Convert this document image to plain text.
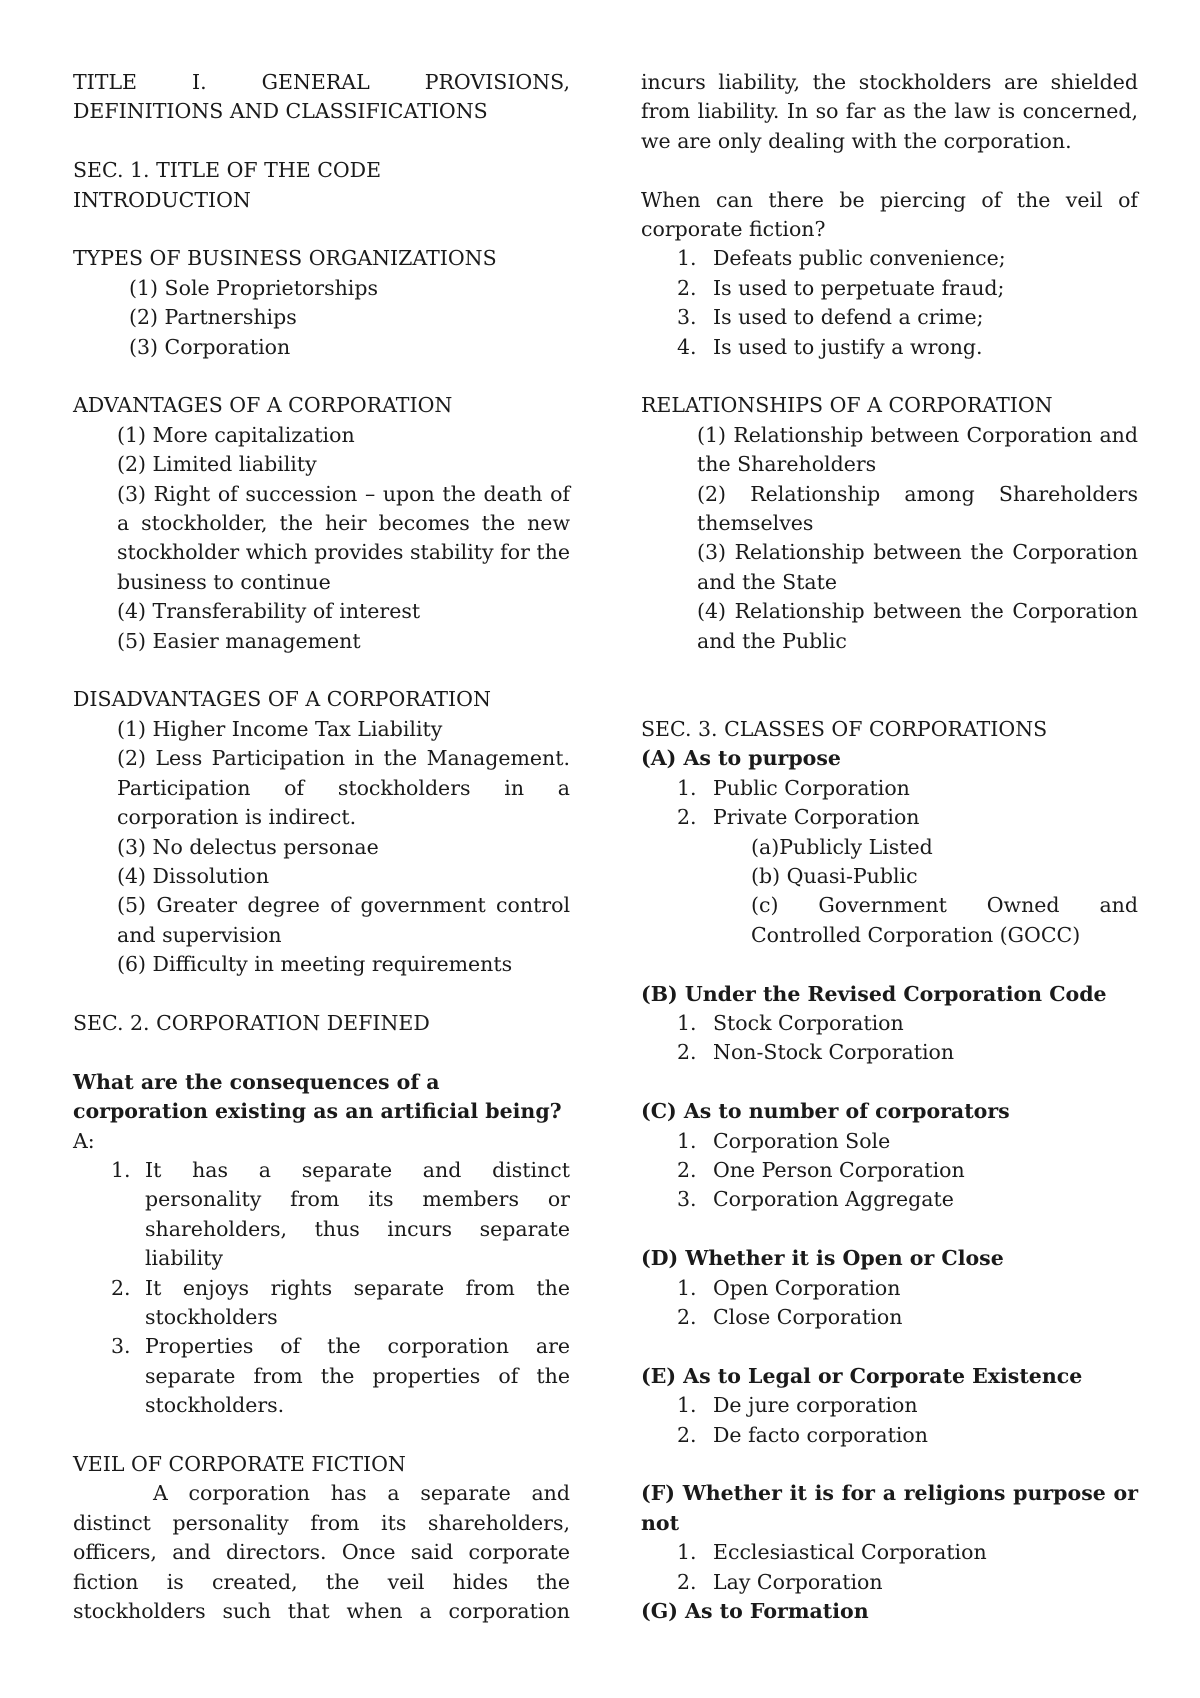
TITLE I. GENERAL PROVISIONS,
DEFINITIONS AND CLASSIFICATIONS
SEC. 1. TITLE OF THE CODE
INTRODUCTION
TYPES OF BUSINESS ORGANIZATIONS
(1) Sole Proprietorships
(2) Partnerships
(3) Corporation
ADVANTAGES OF A CORPORATION
(1) More capitalization
(2) Limited liability
(3) Right of succession – upon the death of a stockholder, the heir becomes the new stockholder which provides stability for the business to continue
(4) Transferability of interest
(5) Easier management
DISADVANTAGES OF A CORPORATION
(1) Higher Income Tax Liability
(2) Less Participation in the Management. Participation of stockholders in a corporation is indirect.
(3) No delectus personae
(4) Dissolution
(5) Greater degree of government control and supervision
(6) Difficulty in meeting requirements
SEC. 2. CORPORATION DEFINED
What are the consequences of a corporation existing as an artificial being?
A:
1. It has a separate and distinct personality from its members or shareholders, thus incurs separate liability
2. It enjoys rights separate from the stockholders
3. Properties of the corporation are separate from the properties of the stockholders.
VEIL OF CORPORATE FICTION
A corporation has a separate and distinct personality from its shareholders, officers, and directors. Once said corporate fiction is created, the veil hides the stockholders such that when a corporation
incurs liability, the stockholders are shielded from liability. In so far as the law is concerned, we are only dealing with the corporation.
When can there be piercing of the veil of corporate fiction?
1. Defeats public convenience;
2. Is used to perpetuate fraud;
3. Is used to defend a crime;
4. Is used to justify a wrong.
RELATIONSHIPS OF A CORPORATION
(1) Relationship between Corporation and the Shareholders
(2) Relationship among Shareholders themselves
(3) Relationship between the Corporation and the State
(4) Relationship between the Corporation and the Public
SEC. 3. CLASSES OF CORPORATIONS
(A) As to purpose
1. Public Corporation
2. Private Corporation
(a)Publicly Listed
(b) Quasi-Public
(c) Government Owned and Controlled Corporation (GOCC)
(B) Under the Revised Corporation Code
1. Stock Corporation
2. Non-Stock Corporation
(C) As to number of corporators
1. Corporation Sole
2. One Person Corporation
3. Corporation Aggregate
(D) Whether it is Open or Close
1. Open Corporation
2. Close Corporation
(E) As to Legal or Corporate Existence
1. De jure corporation
2. De facto corporation
(F) Whether it is for a religions purpose or not
1. Ecclesiastical Corporation
2. Lay Corporation
(G) As to Formation
